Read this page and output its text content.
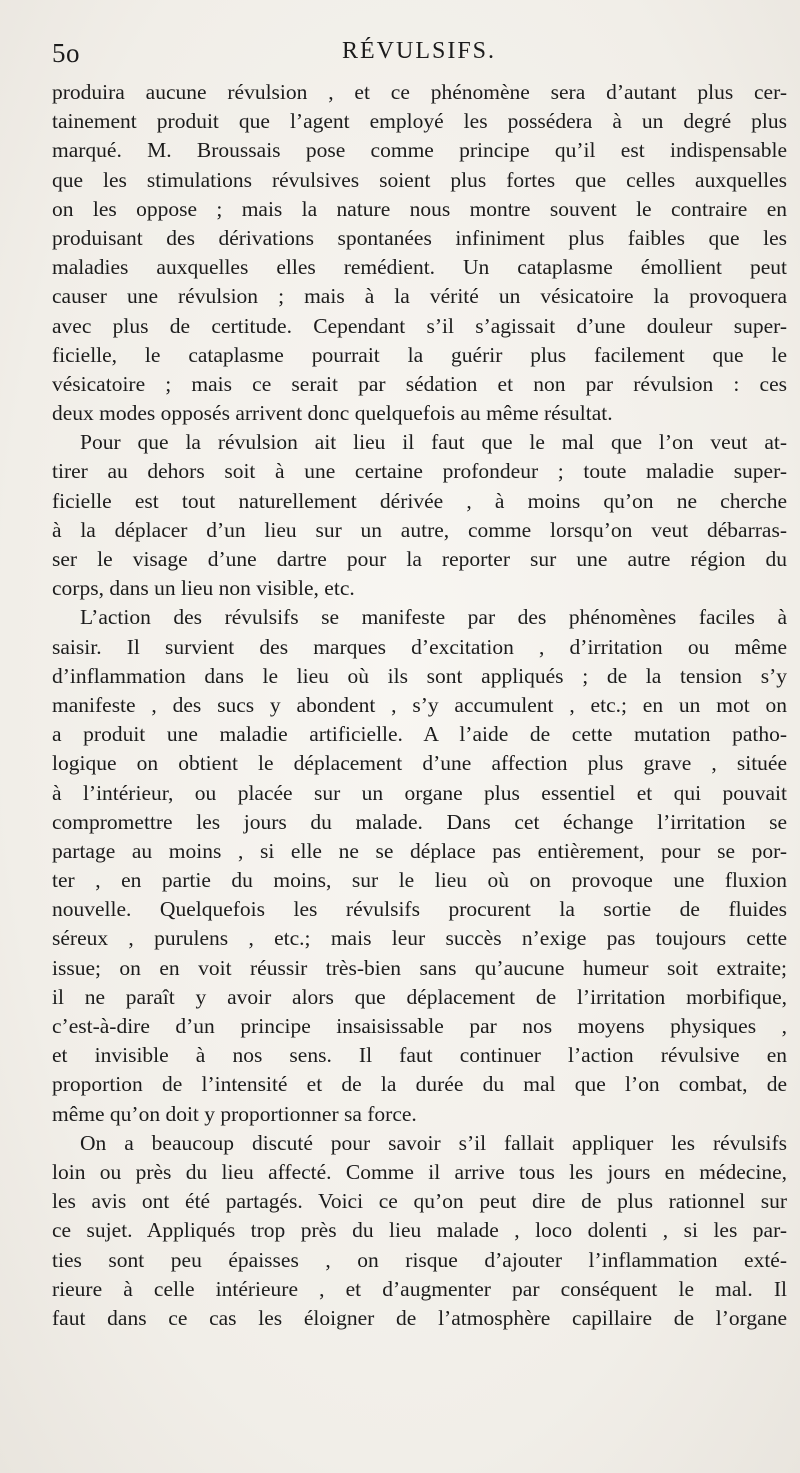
5o	RÉVULSIFS.
produira aucune révulsion , et ce phénomène sera d’autant plus cer-
tainement produit que l’agent employé les possédera à un degré plus
marqué. M. Broussais pose comme principe qu’il est indispensable
que les stimulations révulsives soient plus fortes que celles auxquelles
on les oppose ; mais la nature nous montre souvent le contraire en
produisant des dérivations spontanées infiniment plus faibles que les
maladies auxquelles elles remédient. Un cataplasme émollient peut
causer une révulsion ; mais à la vérité un vésicatoire la provoquera
avec plus de certitude. Cependant s’il s’agissait d’une douleur super-
ficielle, le cataplasme pourrait la guérir plus facilement que le
vésicatoire ; mais ce serait par sédation et non par révulsion : ces
deux modes opposés arrivent donc quelquefois au même résultat.
Pour que la révulsion ait lieu il faut que le mal que l’on veut at-
tirer au dehors soit à une certaine profondeur ; toute maladie super-
ficielle est tout naturellement dérivée , à moins qu’on ne cherche
à la déplacer d’un lieu sur un autre, comme lorsqu’on veut débarras-
ser le visage d’une dartre pour la reporter sur une autre région du
corps, dans un lieu non visible, etc.
L’action des révulsifs se manifeste par des phénomènes faciles à
saisir. Il survient des marques d’excitation , d’irritation ou même
d’inflammation dans le lieu où ils sont appliqués ; de la tension s’y
manifeste , des sucs y abondent , s’y accumulent , etc.; en un mot on
a produit une maladie artificielle. A l’aide de cette mutation patho-
logique on obtient le déplacement d’une affection plus grave , située
à l’intérieur, ou placée sur un organe plus essentiel et qui pouvait
compromettre les jours du malade. Dans cet échange l’irritation se
partage au moins , si elle ne se déplace pas entièrement, pour se por-
ter , en partie du moins, sur le lieu où on provoque une fluxion
nouvelle. Quelquefois les révulsifs procurent la sortie de fluides
séreux , purulens , etc.; mais leur succès n’exige pas toujours cette
issue; on en voit réussir très-bien sans qu’aucune humeur soit extraite;
il ne paraît y avoir alors que déplacement de l’irritation morbifique,
c’est-à-dire d’un principe insaisissable par nos moyens physiques ,
et invisible à nos sens. Il faut continuer l’action révulsive en
proportion de l’intensité et de la durée du mal que l’on combat, de
même qu’on doit y proportionner sa force.
On a beaucoup discuté pour savoir s’il fallait appliquer les révulsifs
loin ou près du lieu affecté. Comme il arrive tous les jours en médecine,
les avis ont été partagés. Voici ce qu’on peut dire de plus rationnel sur
ce sujet. Appliqués trop près du lieu malade , loco dolenti , si les par-
ties sont peu épaisses , on risque d’ajouter l’inflammation exté-
rieure à celle intérieure , et d’augmenter par conséquent le mal. Il
faut dans ce cas les éloigner de l’atmosphère capillaire de l’organe
